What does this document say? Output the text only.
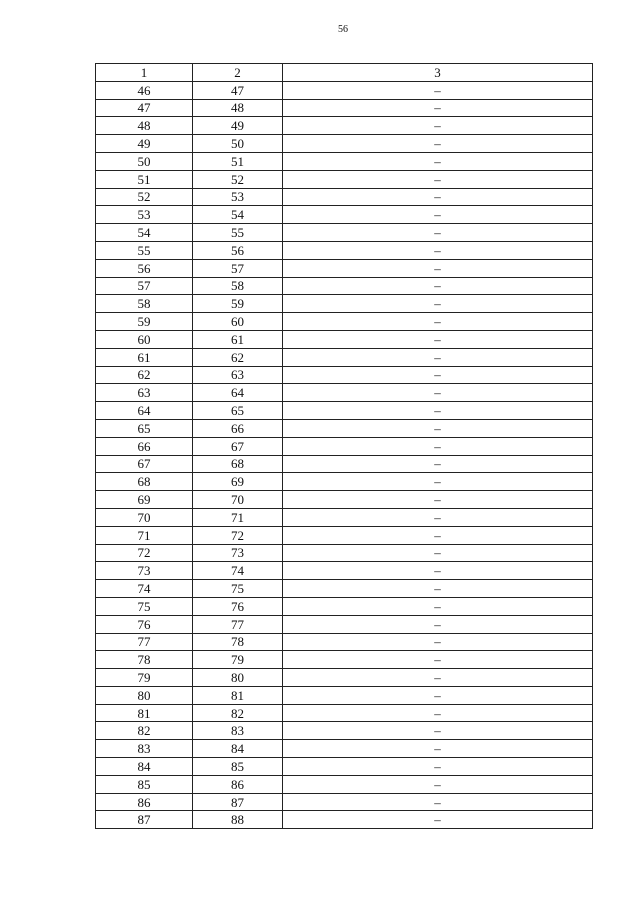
56
1	2	3
46	47	–
47	48	–
48	49	–
49	50	–
50	51	–
51	52	–
52	53	–
53	54	–
54	55	–
55	56	–
56	57	–
57	58	–
58	59	–
59	60	–
60	61	–
61	62	–
62	63	–
63	64	–
64	65	–
65	66	–
66	67	–
67	68	–
68	69	–
69	70	–
70	71	–
71	72	–
72	73	–
73	74	–
74	75	–
75	76	–
76	77	–
77	78	–
78	79	–
79	80	–
80	81	–
81	82	–
82	83	–
83	84	–
84	85	–
85	86	–
86	87	–
87	88	–
